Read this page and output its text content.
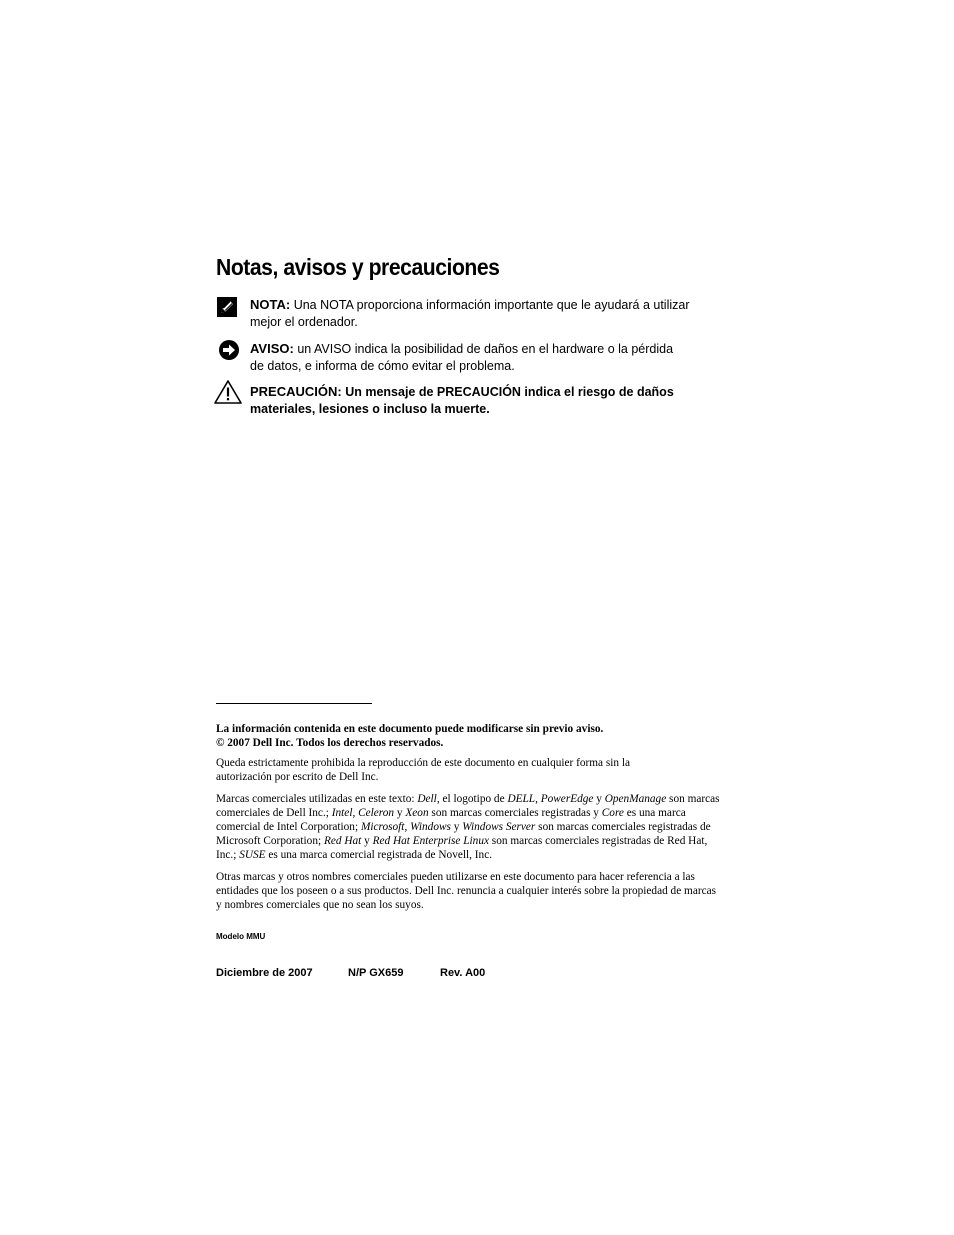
Notas, avisos y precauciones
NOTA: Una NOTA proporciona información importante que le ayudará a utilizar
mejor el ordenador.
AVISO: un AVISO indica la posibilidad de daños en el hardware o la pérdida
de datos, e informa de cómo evitar el problema.
PRECAUCIÓN: Un mensaje de PRECAUCIÓN indica el riesgo de daños
materiales, lesiones o incluso la muerte.
La información contenida en este documento puede modificarse sin previo aviso.
© 2007 Dell Inc. Todos los derechos reservados.
Queda estrictamente prohibida la reproducción de este documento en cualquier forma sin la autorización por escrito de Dell Inc.
Marcas comerciales utilizadas en este texto: Dell, el logotipo de DELL, PowerEdge y OpenManage son marcas comerciales de Dell Inc.; Intel, Celeron y Xeon son marcas comerciales registradas y Core es una marca comercial de Intel Corporation; Microsoft, Windows y Windows Server son marcas comerciales registradas de Microsoft Corporation; Red Hat y Red Hat Enterprise Linux son marcas comerciales registradas de Red Hat, Inc.; SUSE es una marca comercial registrada de Novell, Inc.
Otras marcas y otros nombres comerciales pueden utilizarse en este documento para hacer referencia a las entidades que los poseen o a sus productos. Dell Inc. renuncia a cualquier interés sobre la propiedad de marcas y nombres comerciales que no sean los suyos.
Modelo MMU
Diciembre de 2007	N/P GX659	Rev. A00
